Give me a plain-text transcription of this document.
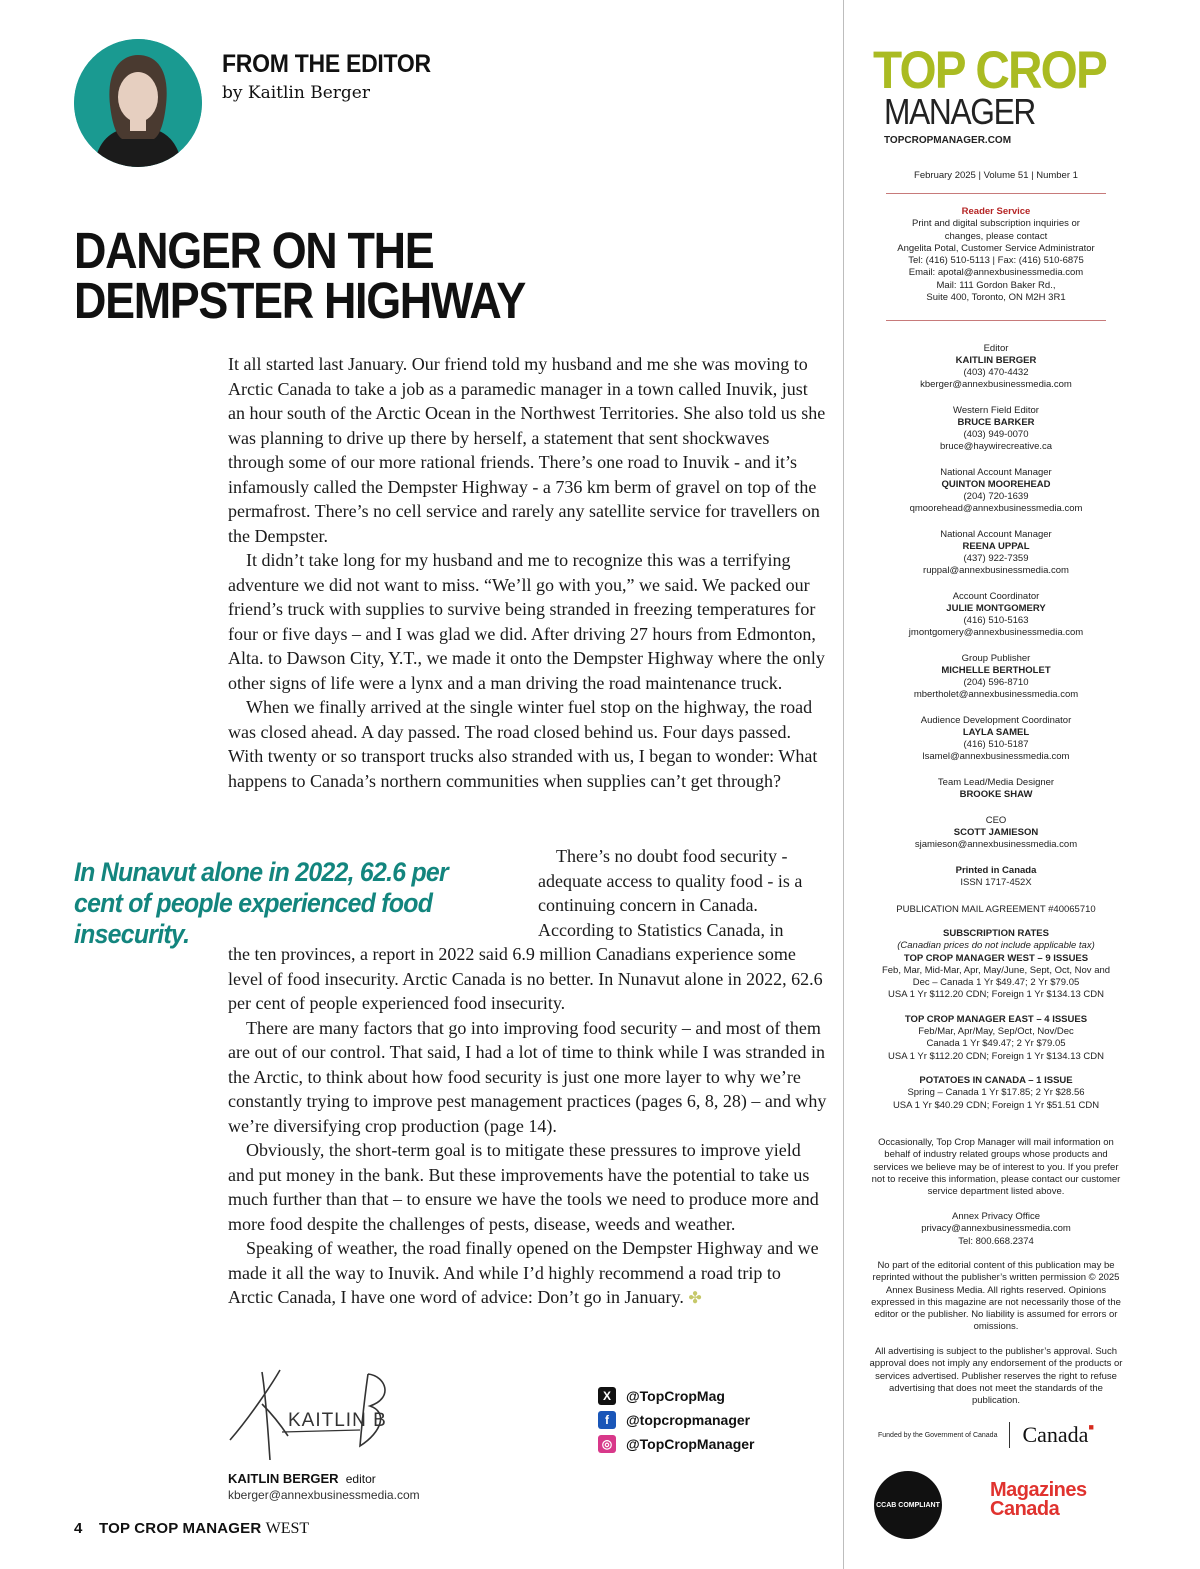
FROM THE EDITOR
by Kaitlin Berger
DANGER ON THE
DEMPSTER HIGHWAY

It all started last January. Our friend told my husband and me she was moving to Arctic Canada to take a job as a paramedic manager in a town called Inuvik, just an hour south of the Arctic Ocean in the Northwest Territories. She also told us she was planning to drive up there by herself, a statement that sent shockwaves through some of our more rational friends. There’s one road to Inuvik - and it’s infamously called the Dempster Highway - a 736 km berm of gravel on top of the permafrost. There’s no cell service and rarely any satellite service for travellers on the Dempster.

It didn’t take long for my husband and me to recognize this was a terrifying adventure we did not want to miss. “We’ll go with you,” we said. We packed our friend’s truck with supplies to survive being stranded in freezing temperatures for four or five days – and I was glad we did. After driving 27 hours from Edmonton, Alta. to Dawson City, Y.T., we made it onto the Dempster Highway where the only other signs of life were a lynx and a man driving the road maintenance truck.

When we finally arrived at the single winter fuel stop on the highway, the road was closed ahead. A day passed. The road closed behind us. Four days passed. With twenty or so transport trucks also stranded with us, I began to wonder: What happens to Canada’s northern communities when supplies can’t get through?

In Nunavut alone in 2022, 62.6 per cent of people experienced food insecurity.

There’s no doubt food security - adequate access to quality food - is a continuing concern in Canada. According to Statistics Canada, in

the ten provinces, a report in 2022 said 6.9 million Canadians experience some level of food insecurity. Arctic Canada is no better. In Nunavut alone in 2022, 62.6 per cent of people experienced food insecurity.

There are many factors that go into improving food security – and most of them are out of our control. That said, I had a lot of time to think while I was stranded in the Arctic, to think about how food security is just one more layer to why we’re constantly trying to improve pest management practices (pages 6, 8, 28) – and why we’re diversifying crop production (page 14).

Obviously, the short-term goal is to mitigate these pressures to improve yield and put money in the bank. But these improvements have the potential to take us much further than that – to ensure we have the tools we need to produce more and more food despite the challenges of pests, disease, weeds and weather.

Speaking of weather, the road finally opened on the Dempster Highway and we made it all the way to Inuvik. And while I’d highly recommend a road trip to Arctic Canada, I have one word of advice: Don’t go in January. ✤

KAITLIN B
KAITLIN BERGER editor
kberger@annexbusinessmedia.com
X	@TopCropMag
f	@topcropmanager
◎ @TopCropManager
4 TOP CROP MANAGER WEST
TOP CROP
MANAGER
TOPCROPMANAGER.COM
February 2025 | Volume 51 | Number 1
Reader Service
Print and digital subscription inquiries or
changes, please contact
Angelita Potal, Customer Service Administrator
Tel: (416) 510-5113 | Fax: (416) 510-6875
Email: apotal@annexbusinessmedia.com
Mail: 111 Gordon Baker Rd.,
Suite 400, Toronto, ON M2H 3R1
Editor
KAITLIN BERGER
(403) 470-4432
kberger@annexbusinessmedia.com
Western Field Editor
BRUCE BARKER
(403) 949-0070
bruce@haywirecreative.ca
National Account Manager
QUINTON MOOREHEAD
(204) 720-1639
qmoorehead@annexbusinessmedia.com
National Account Manager
REENA UPPAL
(437) 922-7359
ruppal@annexbusinessmedia.com
Account Coordinator
JULIE MONTGOMERY
(416) 510-5163
jmontgomery@annexbusinessmedia.com
Group Publisher
MICHELLE BERTHOLET
(204) 596-8710
mbertholet@annexbusinessmedia.com
Audience Development Coordinator
LAYLA SAMEL
(416) 510-5187
lsamel@annexbusinessmedia.com
Team Lead/Media Designer
BROOKE SHAW
CEO
SCOTT JAMIESON
sjamieson@annexbusinessmedia.com
Printed in Canada
ISSN 1717-452X
PUBLICATION MAIL AGREEMENT #40065710
SUBSCRIPTION RATES
(Canadian prices do not include applicable tax)
TOP CROP MANAGER WEST – 9 ISSUES
Feb, Mar, Mid-Mar, Apr, May/June, Sept, Oct, Nov and
Dec – Canada 1 Yr $49.47; 2 Yr $79.05
USA 1 Yr $112.20 CDN; Foreign 1 Yr $134.13 CDN
TOP CROP MANAGER EAST – 4 ISSUES
Feb/Mar, Apr/May, Sep/Oct, Nov/Dec
Canada 1 Yr $49.47; 2 Yr $79.05
USA 1 Yr $112.20 CDN; Foreign 1 Yr $134.13 CDN
POTATOES IN CANADA – 1 ISSUE
Spring – Canada 1 Yr $17.85; 2 Yr $28.56
USA 1 Yr $40.29 CDN; Foreign 1 Yr $51.51 CDN
Occasionally, Top Crop Manager will mail information on behalf of industry related groups whose products and services we believe may be of interest to you. If you prefer not to receive this information, please contact our customer service department listed above.
Annex Privacy Office
privacy@annexbusinessmedia.com
Tel: 800.668.2374
No part of the editorial content of this publication may be reprinted without the publisher’s written permission © 2025 Annex Business Media. All rights reserved. Opinions expressed in this magazine are not necessarily those of the editor or the publisher. No liability is assumed for errors or omissions.
All advertising is subject to the publisher’s approval. Such approval does not imply any endorsement of the products or services advertised. Publisher reserves the right to refuse advertising that does not meet the standards of the publication.
Funded by the Government of Canada	Canada■
CCAB COMPLIANT
Magazines
Canada
